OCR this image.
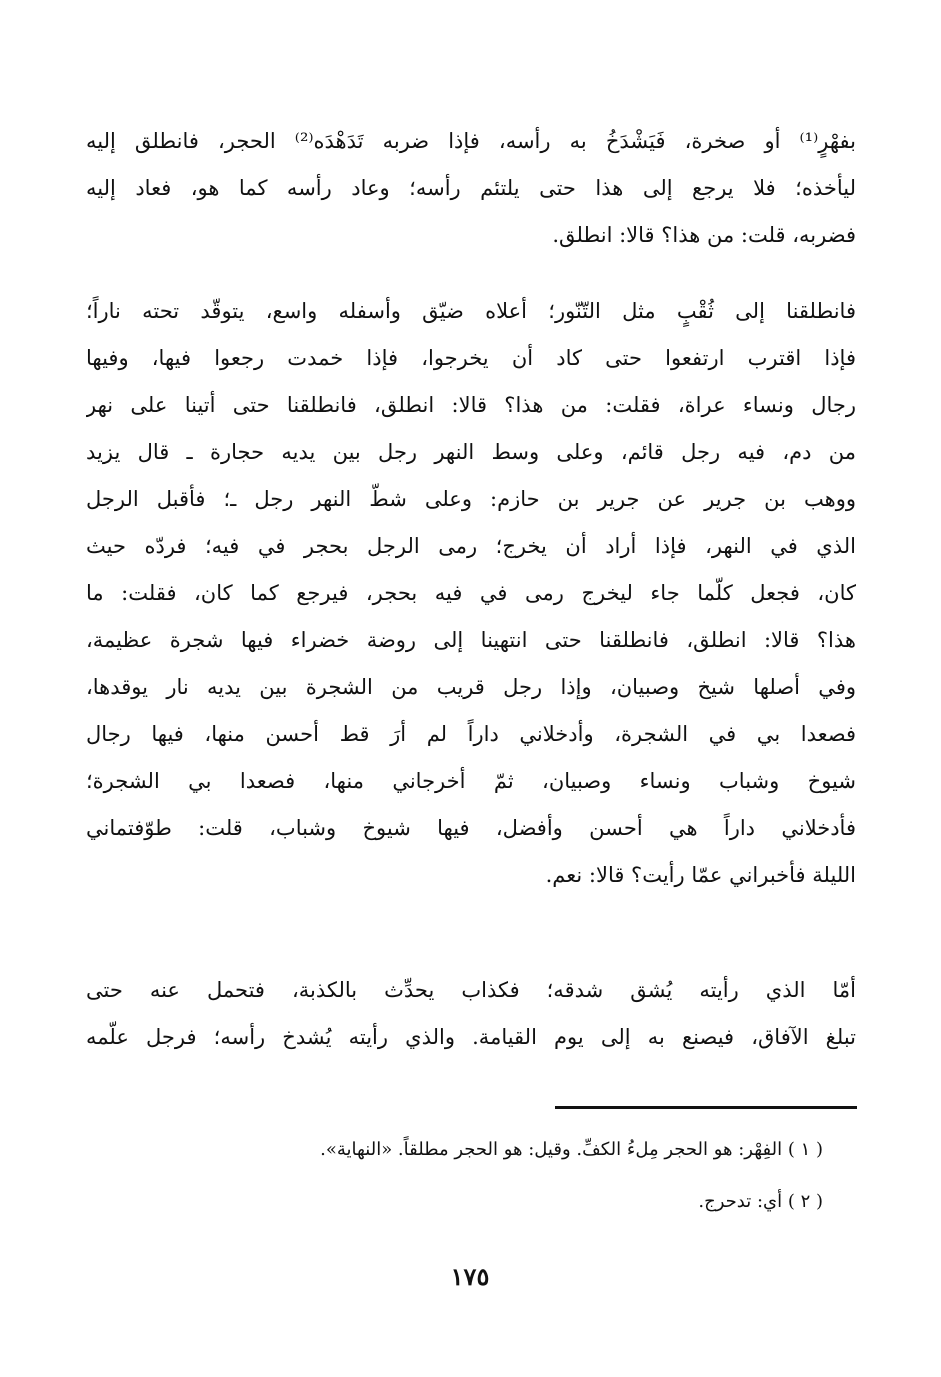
بفهْرٍ⁽¹⁾ أو صخرة، فَيَشْدَخُ به رأسه، فإذا ضربه تَدَهْدَه⁽²⁾ الحجر، فانطلق إليه
ليأخذه؛ فلا يرجع إلى هذا حتى يلتئم رأسه؛ وعاد رأسه كما هو، فعاد إليه
فضربه، قلت: من هذا؟ قالا: انطلق.
فانطلقنا إلى ثُقْبٍ مثل التّنّور؛ أعلاه ضيّق وأسفله واسع، يتوقّد تحته ناراً؛
فإذا اقترب ارتفعوا حتى كاد أن يخرجوا، فإذا خمدت رجعوا فيها، وفيها
رجال ونساء عراة، فقلت: من هذا؟ قالا: انطلق، فانطلقنا حتى أتينا على نهر
من دم، فيه رجل قائم، وعلى وسط النهر رجل بين يديه حجارة ـ قال يزيد
ووهب بن جرير عن جرير بن حازم: وعلى شطّ النهر رجل ـ؛ فأقبل الرجل
الذي في النهر، فإذا أراد أن يخرج؛ رمى الرجل بحجر في فيه؛ فردّه حيث
كان، فجعل كلّما جاء ليخرج رمى في فيه بحجر، فيرجع كما كان، فقلت: ما
هذا؟ قالا: انطلق، فانطلقنا حتى انتهينا إلى روضة خضراء فيها شجرة عظيمة،
وفي أصلها شيخ وصبيان، وإذا رجل قريب من الشجرة بين يديه نار يوقدها،
فصعدا بي في الشجرة، وأدخلاني داراً لم أرَ قط أحسن منها، فيها رجال
شيوخ وشباب ونساء وصبيان، ثمّ أخرجاني منها، فصعدا بي الشجرة؛
فأدخلاني داراً هي أحسن وأفضل، فيها شيوخ وشباب، قلت: طوّفتماني
الليلة فأخبراني عمّا رأيت؟ قالا: نعم.
أمّا الذي رأيته يُشق شدقه؛ فكذاب يحدِّث بالكذبة، فتحمل عنه حتى
تبلغ الآفاق، فيصنع به إلى يوم القيامة. والذي رأيته يُشدخ رأسه؛ فرجل علّمه
( ١ ) الفِهْر: هو الحجر مِلءُ الكفِّ. وقيل: هو الحجر مطلقاً. «النهاية».
( ٢ ) أي: تدحرج.
١٧٥
